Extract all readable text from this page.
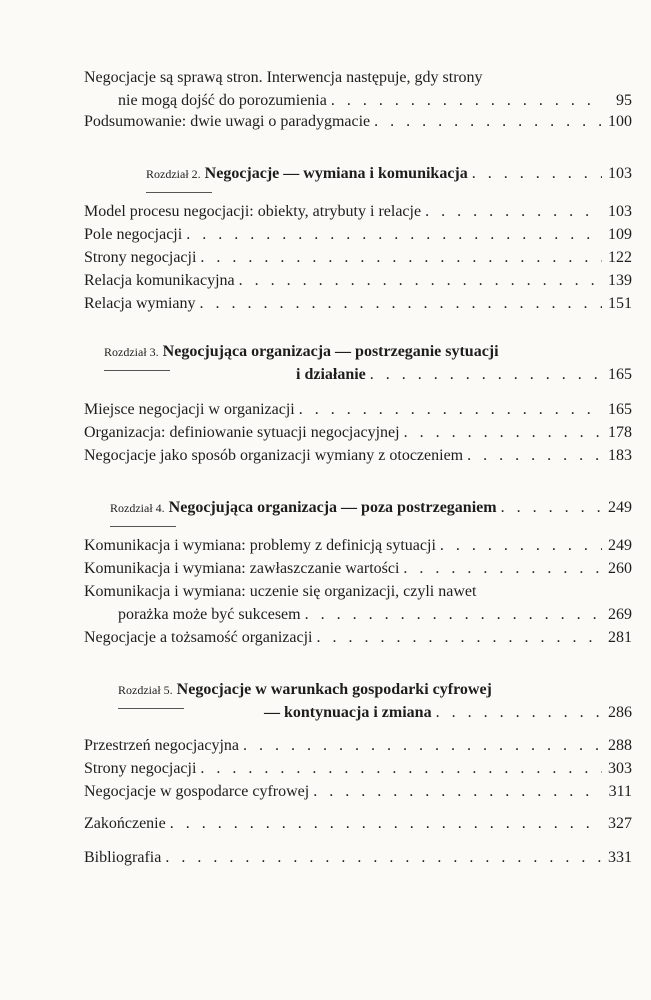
Negocjacje są sprawą stron. Interwencja następuje, gdy strony
nie mogą dojść do porozumienia . . .	95
Podsumowanie: dwie uwagi o paradygmacie . . .	100
Rozdział 2. Negocjacje — wymiana i komunikacja . . .	103
Model procesu negocjacji: obiekty, atrybuty i relacje . . .	103
Pole negocjacji . . .	109
Strony negocjacji . . .	122
Relacja komunikacyjna . . .	139
Relacja wymiany . . .	151
Rozdział 3. Negocjująca organizacja — postrzeganie sytuacji
i działanie . . .	165
Miejsce negocjacji w organizacji . . .	165
Organizacja: definiowanie sytuacji negocjacyjnej . . .	178
Negocjacje jako sposób organizacji wymiany z otoczeniem . . .	183
Rozdział 4. Negocjująca organizacja — poza postrzeganiem . . .	249
Komunikacja i wymiana: problemy z definicją sytuacji . . .	249
Komunikacja i wymiana: zawłaszczanie wartości . . .	260
Komunikacja i wymiana: uczenie się organizacji, czyli nawet
porażka może być sukcesem . . .	269
Negocjacje a tożsamość organizacji . . .	281
Rozdział 5. Negocjacje w warunkach gospodarki cyfrowej
— kontynuacja i zmiana . . .	286
Przestrzeń negocjacyjna . . .	288
Strony negocjacji . . .	303
Negocjacje w gospodarce cyfrowej . . .	311
Zakończenie . . .	327
Bibliografia . . .	331
